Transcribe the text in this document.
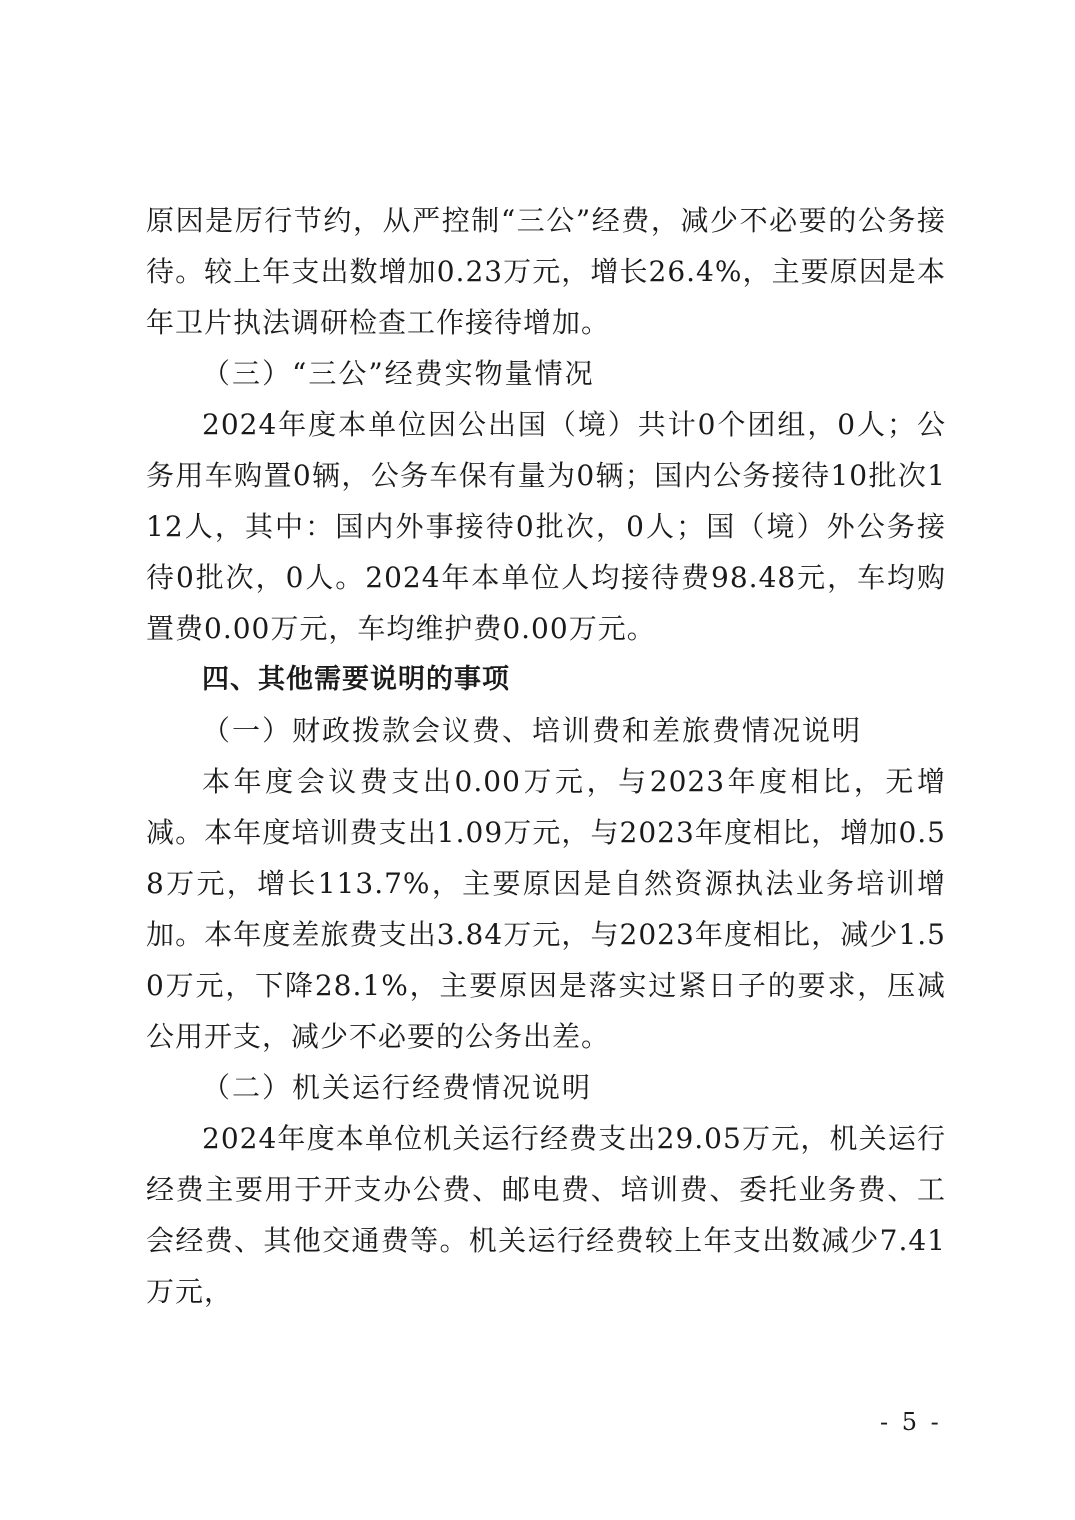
原因是厉行节约，从严控制“三公”经费，减少不必要的公务接待。较上年支出数增加0.23万元，增长26.4%，主要原因是本年卫片执法调研检查工作接待增加。

（三）“三公”经费实物量情况

2024年度本单位因公出国（境）共计0个团组，0人；公务用车购置0辆，公务车保有量为0辆；国内公务接待10批次112人，其中：国内外事接待0批次，0人；国（境）外公务接待0批次，0人。2024年本单位人均接待费98.48元，车均购置费0.00万元，车均维护费0.00万元。

四、其他需要说明的事项

（一）财政拨款会议费、培训费和差旅费情况说明

本年度会议费支出0.00万元，与2023年度相比，无增减。本年度培训费支出1.09万元，与2023年度相比，增加0.58万元，增长113.7%，主要原因是自然资源执法业务培训增加。本年度差旅费支出3.84万元，与2023年度相比，减少1.50万元，下降28.1%，主要原因是落实过紧日子的要求，压减公用开支，减少不必要的公务出差。

（二）机关运行经费情况说明

2024年度本单位机关运行经费支出29.05万元，机关运行经费主要用于开支办公费、邮电费、培训费、委托业务费、工会经费、其他交通费等。机关运行经费较上年支出数减少7.41万元，

- 5 -
